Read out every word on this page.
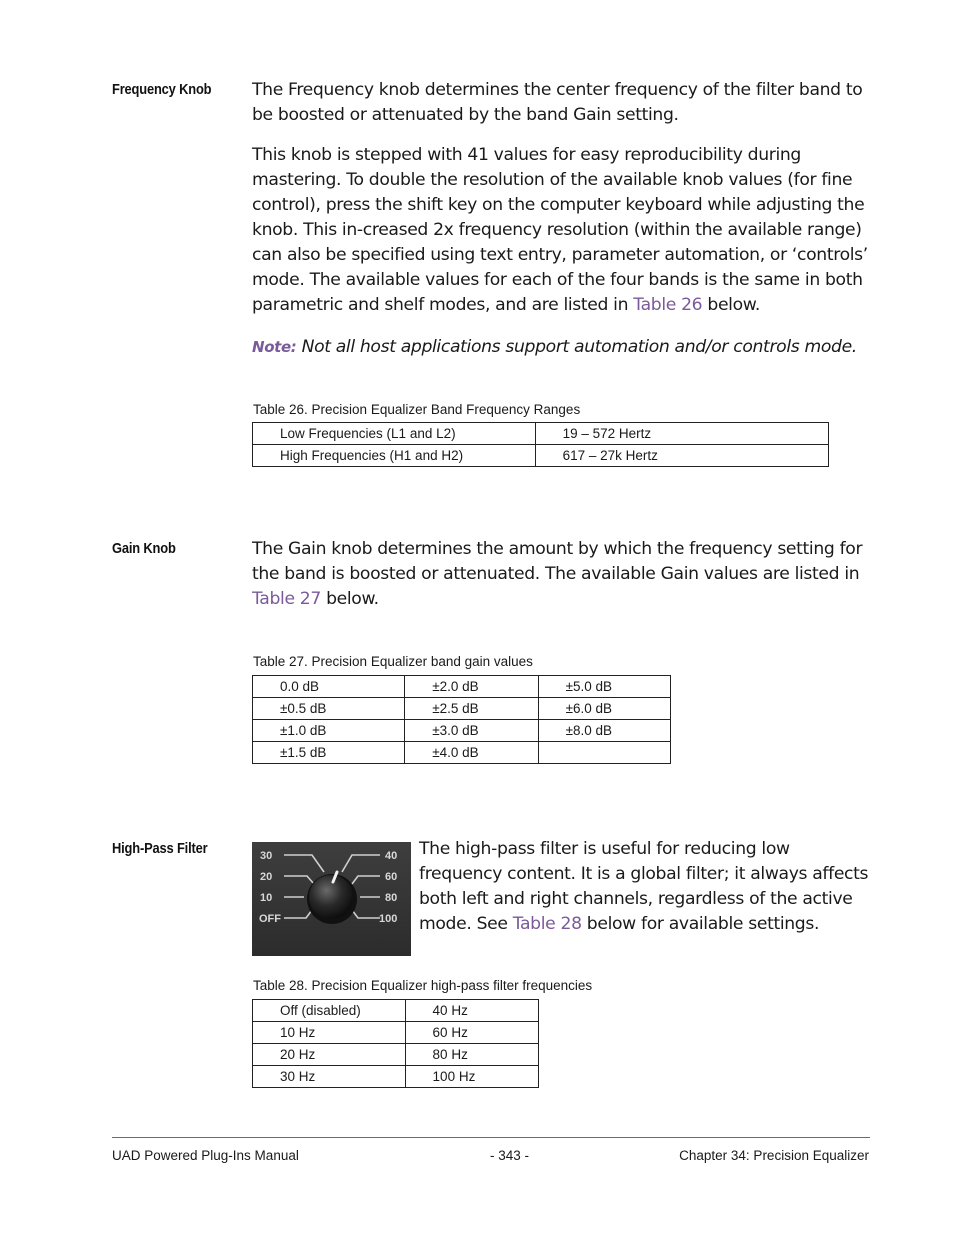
Frequency Knob The Frequency knob determines the center frequency of the filter band to be boosted or attenuated by the band Gain setting.

This knob is stepped with 41 values for easy reproducibility during mastering. To double the resolution of the available knob values (for fine control), press the shift key on the computer keyboard while adjusting the knob. This in-creased 2x frequency resolution (within the available range) can also be specified using text entry, parameter automation, or ‘controls’ mode. The available values for each of the four bands is the same in both parametric and shelf modes, and are listed in Table 26 below.

Note: Not all host applications support automation and/or controls mode.

Table 26. Precision Equalizer Band Frequency Ranges
Low Frequencies (L1 and L2)	19 – 572 Hertz
High Frequencies (H1 and H2)	617 – 27k Hertz
Gain Knob	The Gain knob determines the amount by which the frequency setting for the band is boosted or attenuated. The available Gain values are listed in Table 27 below.

Table 27. Precision Equalizer band gain values
0.0 dB	±2.0 dB	±5.0 dB
±0.5 dB	±2.5 dB	±6.0 dB
±1.0 dB	±3.0 dB	±8.0 dB
±1.5 dB	±4.0 dB	
High-Pass Filter	30
20
10
OFF
40
60
80
100

The high-pass filter is useful for reducing low frequency content. It is a global filter; it always affects both left and right channels, regardless of the active mode. See Table 28 below for available settings.

Table 28. Precision Equalizer high-pass filter frequencies
Off (disabled)	40 Hz
10 Hz	60 Hz
20 Hz	80 Hz
30 Hz	100 Hz
UAD Powered Plug-Ins Manual	- 343 -	Chapter 34: Precision Equalizer
